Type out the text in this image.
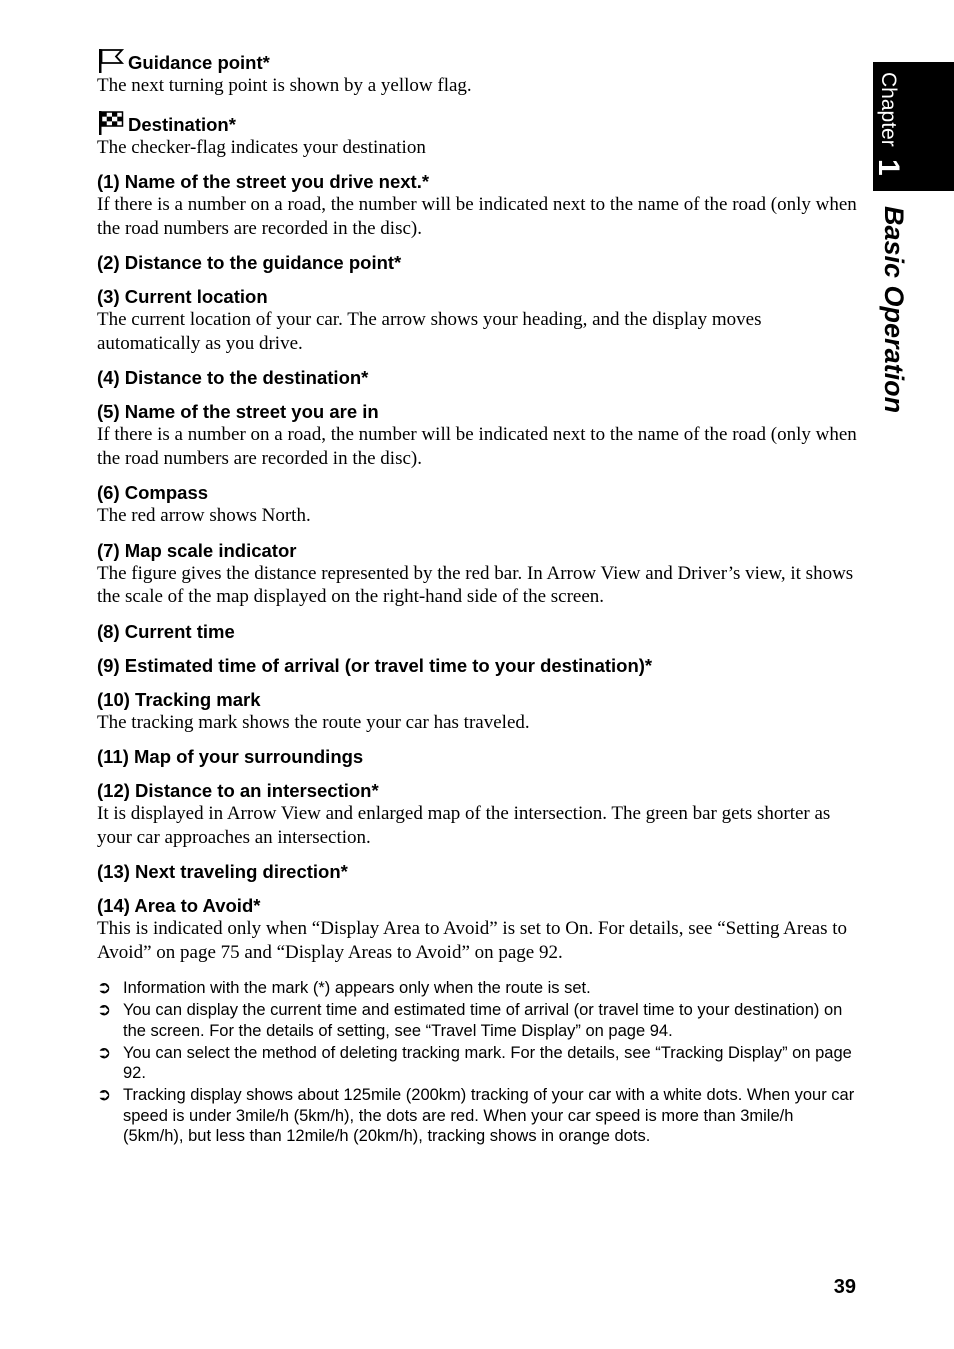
Chapter 1
Basic Operation
Guidance point*
The next turning point is shown by a yellow flag.
Destination*
The checker-flag indicates your destination
(1) Name of the street you drive next.*
If there is a number on a road, the number will be indicated next to the name of the road (only when the road numbers are recorded in the disc).
(2) Distance to the guidance point*
(3) Current location
The current location of your car. The arrow shows your heading, and the display moves automatically as you drive.
(4) Distance to the destination*
(5) Name of the street you are in
If there is a number on a road, the number will be indicated next to the name of the road (only when the road numbers are recorded in the disc).
(6) Compass
The red arrow shows North.
(7) Map scale indicator
The figure gives the distance represented by the red bar. In Arrow View and Driver’s view, it shows the scale of the map displayed on the right-hand side of the screen.
(8) Current time
(9) Estimated time of arrival (or travel time to your destination)*
(10) Tracking mark
The tracking mark shows the route your car has traveled.
(11) Map of your surroundings
(12) Distance to an intersection*
It is displayed in Arrow View and enlarged map of the intersection. The green bar gets shorter as your car approaches an intersection.
(13) Next traveling direction*
(14) Area to Avoid*
This is indicated only when “Display Area to Avoid” is set to On. For details, see “Setting Areas to Avoid” on page 75 and “Display Areas to Avoid” on page 92.
➲ Information with the mark (*) appears only when the route is set.
➲ You can display the current time and estimated time of arrival (or travel time to your destination) on the screen. For the details of setting, see “Travel Time Display” on page 94.
➲ You can select the method of deleting tracking mark. For the details, see “Tracking Display” on page 92.
➲ Tracking display shows about 125mile (200km) tracking of your car with a white dots. When your car speed is under 3mile/h (5km/h), the dots are red. When your car speed is more than 3mile/h (5km/h), but less than 12mile/h (20km/h), tracking shows in orange dots.
39
